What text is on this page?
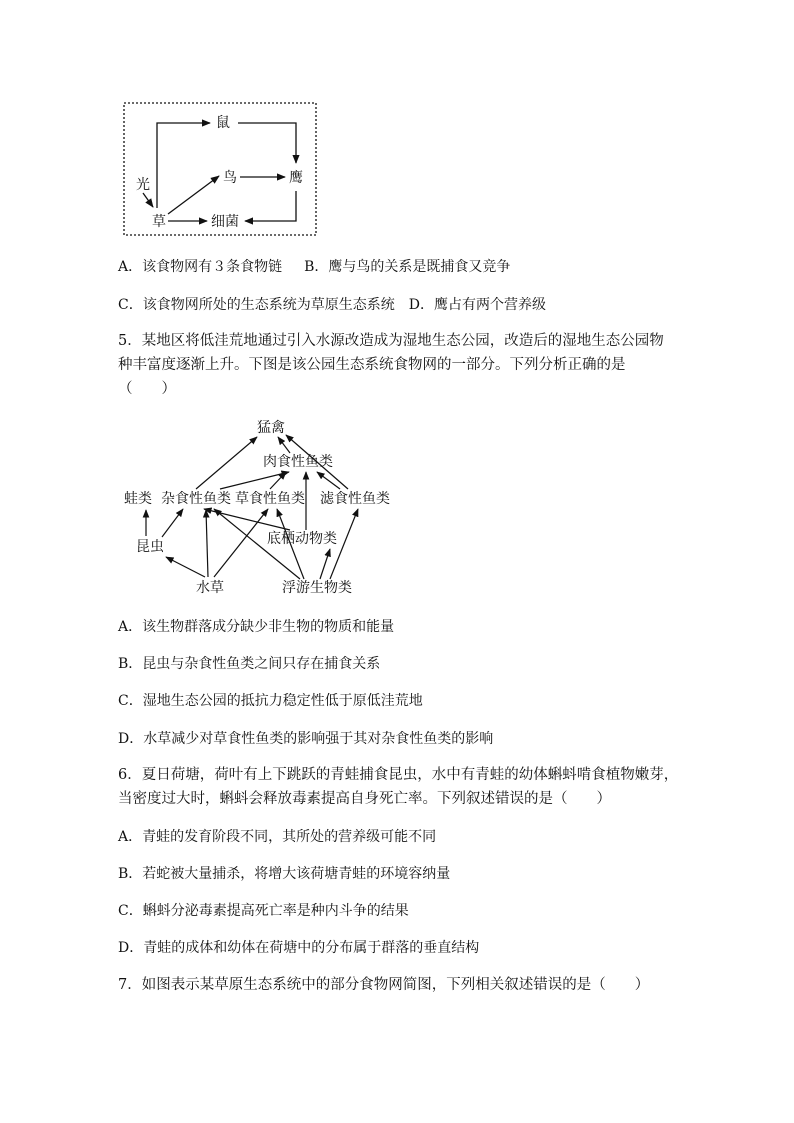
鼠
光	鸟	鹰
草	细菌
猛禽
肉食性鱼类
蛙类 杂食性鱼类 草食性鱼类 滤食性鱼类
底栖动物类
昆虫
水草	浮游生物类
A．该食物网有３条食物链 B．鹰与鸟的关系是既捕食又竞争
C．该食物网所处的生态系统为草原生态系统 D．鹰占有两个营养级
5．某地区将低洼荒地通过引入水源改造成为湿地生态公园，改造后的湿地生态公园物
种丰富度逐渐上升。下图是该公园生态系统食物网的一部分。下列分析正确的是
（　　）
A．该生物群落成分缺少非生物的物质和能量
B．昆虫与杂食性鱼类之间只存在捕食关系
C．湿地生态公园的抵抗力稳定性低于原低洼荒地
D．水草减少对草食性鱼类的影响强于其对杂食性鱼类的影响
6．夏日荷塘，荷叶有上下跳跃的青蛙捕食昆虫，水中有青蛙的幼体蝌蚪啃食植物嫩芽，
当密度过大时，蝌蚪会释放毒素提高自身死亡率。下列叙述错误的是（　　）
A．青蛙的发育阶段不同，其所处的营养级可能不同
B．若蛇被大量捕杀，将增大该荷塘青蛙的环境容纳量
C．蝌蚪分泌毒素提高死亡率是种内斗争的结果
D．青蛙的成体和幼体在荷塘中的分布属于群落的垂直结构
7．如图表示某草原生态系统中的部分食物网简图，下列相关叙述错误的是（　　）
